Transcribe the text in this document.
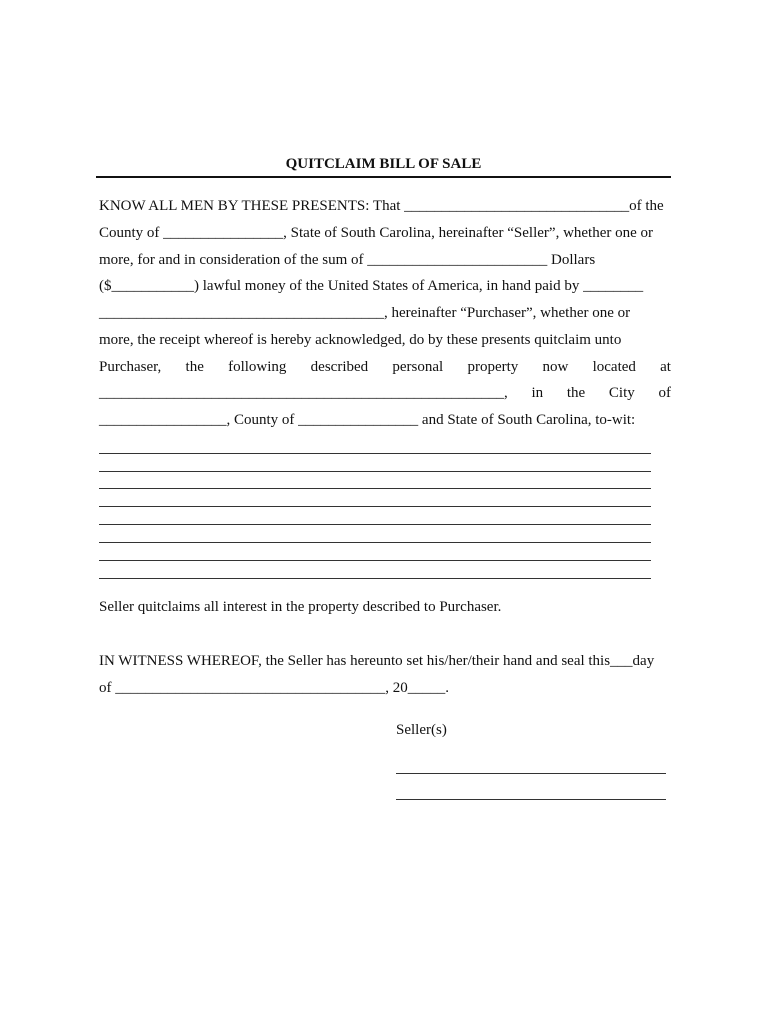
QUITCLAIM BILL OF SALE
KNOW ALL MEN BY THESE PRESENTS: That ______________________________of the
County of ________________, State of South Carolina, hereinafter “Seller”, whether one or
more, for and in consideration of the sum of ________________________ Dollars
($___________) lawful money of the United States of America, in hand paid by ________
______________________________________, hereinafter “Purchaser”, whether one or
more, the receipt whereof is hereby acknowledged, do by these presents quitclaim unto
Purchaser, the following described personal property now located at
______________________________________________________, in the City of
_________________, County of ________________ and State of South Carolina, to-wit:
Seller quitclaims all interest in the property described to Purchaser.
IN WITNESS WHEREOF, the Seller has hereunto set his/her/their hand and seal this___day
of ____________________________________, 20_____.
Seller(s)
